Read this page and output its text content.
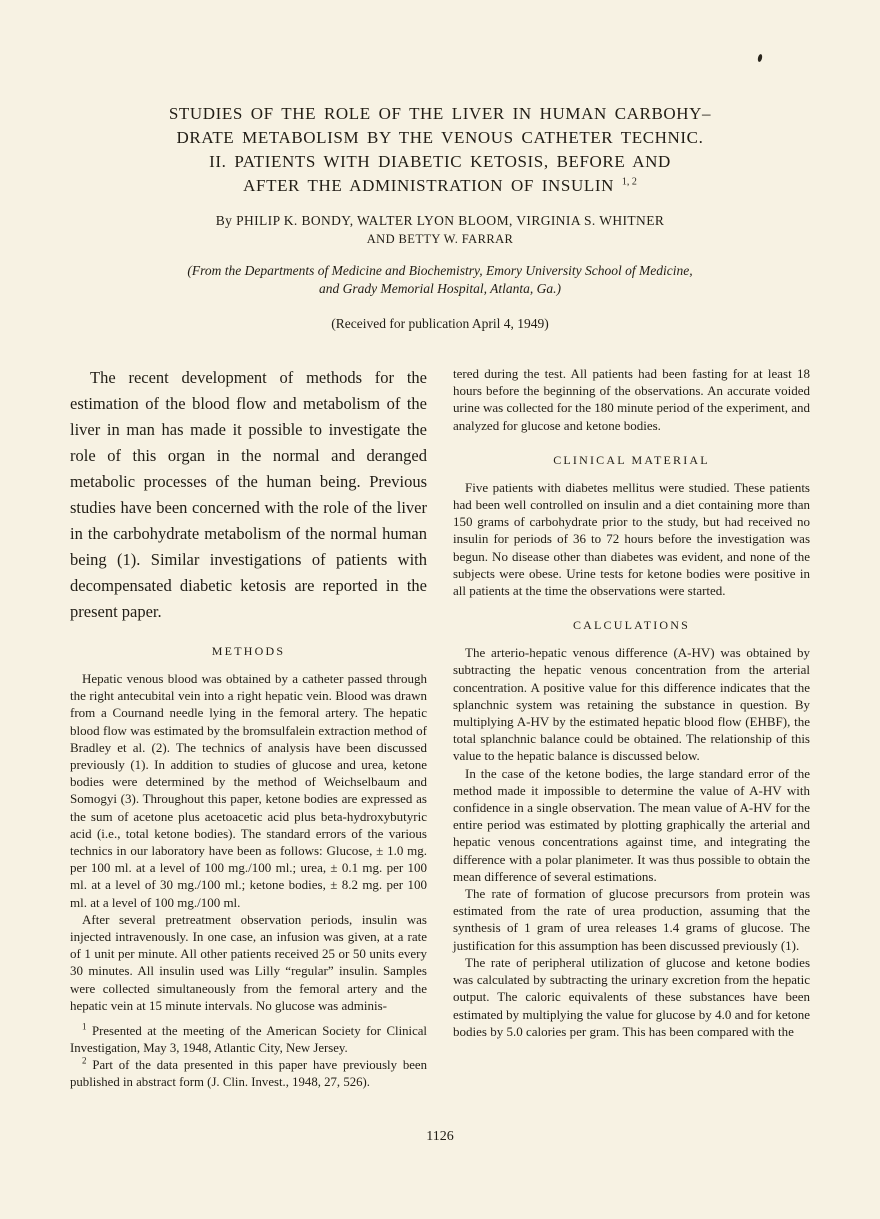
STUDIES OF THE ROLE OF THE LIVER IN HUMAN CARBOHY–
DRATE METABOLISM BY THE VENOUS CATHETER TECHNIC.
II. PATIENTS WITH DIABETIC KETOSIS, BEFORE AND
AFTER THE ADMINISTRATION OF INSULIN $^{1, 2}$
By PHILIP K. BONDY, WALTER LYON BLOOM, VIRGINIA S. WHITNER
AND BETTY W. FARRAR
(From the Departments of Medicine and Biochemistry, Emory University School of Medicine,
and Grady Memorial Hospital, Atlanta, Ga.)
(Received for publication April 4, 1949)

The recent development of methods for the estimation of the blood flow and metabolism of the liver in man has made it possible to investigate the role of this organ in the normal and deranged metabolic processes of the human being. Previous studies have been concerned with the role of the liver in the carbohydrate metabolism of the normal human being (1). Similar investigations of patients with decompensated diabetic ketosis are reported in the present paper.

METHODS

Hepatic venous blood was obtained by a catheter passed through the right antecubital vein into a right hepatic vein. Blood was drawn from a Cournand needle lying in the femoral artery. The hepatic blood flow was estimated by the bromsulfalein extraction method of Bradley et al. (2). The technics of analysis have been discussed previously (1). In addition to studies of glucose and urea, ketone bodies were determined by the method of Weichselbaum and Somogyi (3). Throughout this paper, ketone bodies are expressed as the sum of acetone plus acetoacetic acid plus beta-hydroxybutyric acid (i.e., total ketone bodies). The standard errors of the various technics in our laboratory have been as follows: Glucose, ± 1.0 mg. per 100 ml. at a level of 100 mg./100 ml.; urea, ± 0.1 mg. per 100 ml. at a level of 30 mg./100 ml.; ketone bodies, ± 8.2 mg. per 100 ml. at a level of 100 mg./100 ml.

After several pretreatment observation periods, insulin was injected intravenously. In one case, an infusion was given, at a rate of 1 unit per minute. All other patients received 25 or 50 units every 30 minutes. All insulin used was Lilly “regular” insulin. Samples were collected simultaneously from the femoral artery and the hepatic vein at 15 minute intervals. No glucose was adminis-

$^1$ Presented at the meeting of the American Society for Clinical Investigation, May 3, 1948, Atlantic City, New Jersey.

$^2$ Part of the data presented in this paper have previously been published in abstract form (J. Clin. Invest., 1948, 27, 526).

tered during the test. All patients had been fasting for at least 18 hours before the beginning of the observations. An accurate voided urine was collected for the 180 minute period of the experiment, and analyzed for glucose and ketone bodies.

CLINICAL MATERIAL

Five patients with diabetes mellitus were studied. These patients had been well controlled on insulin and a diet containing more than 150 grams of carbohydrate prior to the study, but had received no insulin for periods of 36 to 72 hours before the investigation was begun. No disease other than diabetes was evident, and none of the subjects were obese. Urine tests for ketone bodies were positive in all patients at the time the observations were started.

CALCULATIONS

The arterio-hepatic venous difference (A-HV) was obtained by subtracting the hepatic venous concentration from the arterial concentration. A positive value for this difference indicates that the splanchnic system was retaining the substance in question. By multiplying A-HV by the estimated hepatic blood flow (EHBF), the total splanchnic balance could be obtained. The relationship of this value to the hepatic balance is discussed below.

In the case of the ketone bodies, the large standard error of the method made it impossible to determine the value of A-HV with confidence in a single observation. The mean value of A-HV for the entire period was estimated by plotting graphically the arterial and hepatic venous concentrations against time, and integrating the difference with a polar planimeter. It was thus possible to obtain the mean difference of several estimations.

The rate of formation of glucose precursors from protein was estimated from the rate of urea production, assuming that the synthesis of 1 gram of urea releases 1.4 grams of glucose. The justification for this assumption has been discussed previously (1).

The rate of peripheral utilization of glucose and ketone bodies was calculated by subtracting the urinary excretion from the hepatic output. The caloric equivalents of these substances have been estimated by multiplying the value for glucose by 4.0 and for ketone bodies by 5.0 calories per gram. This has been compared with the

1126
